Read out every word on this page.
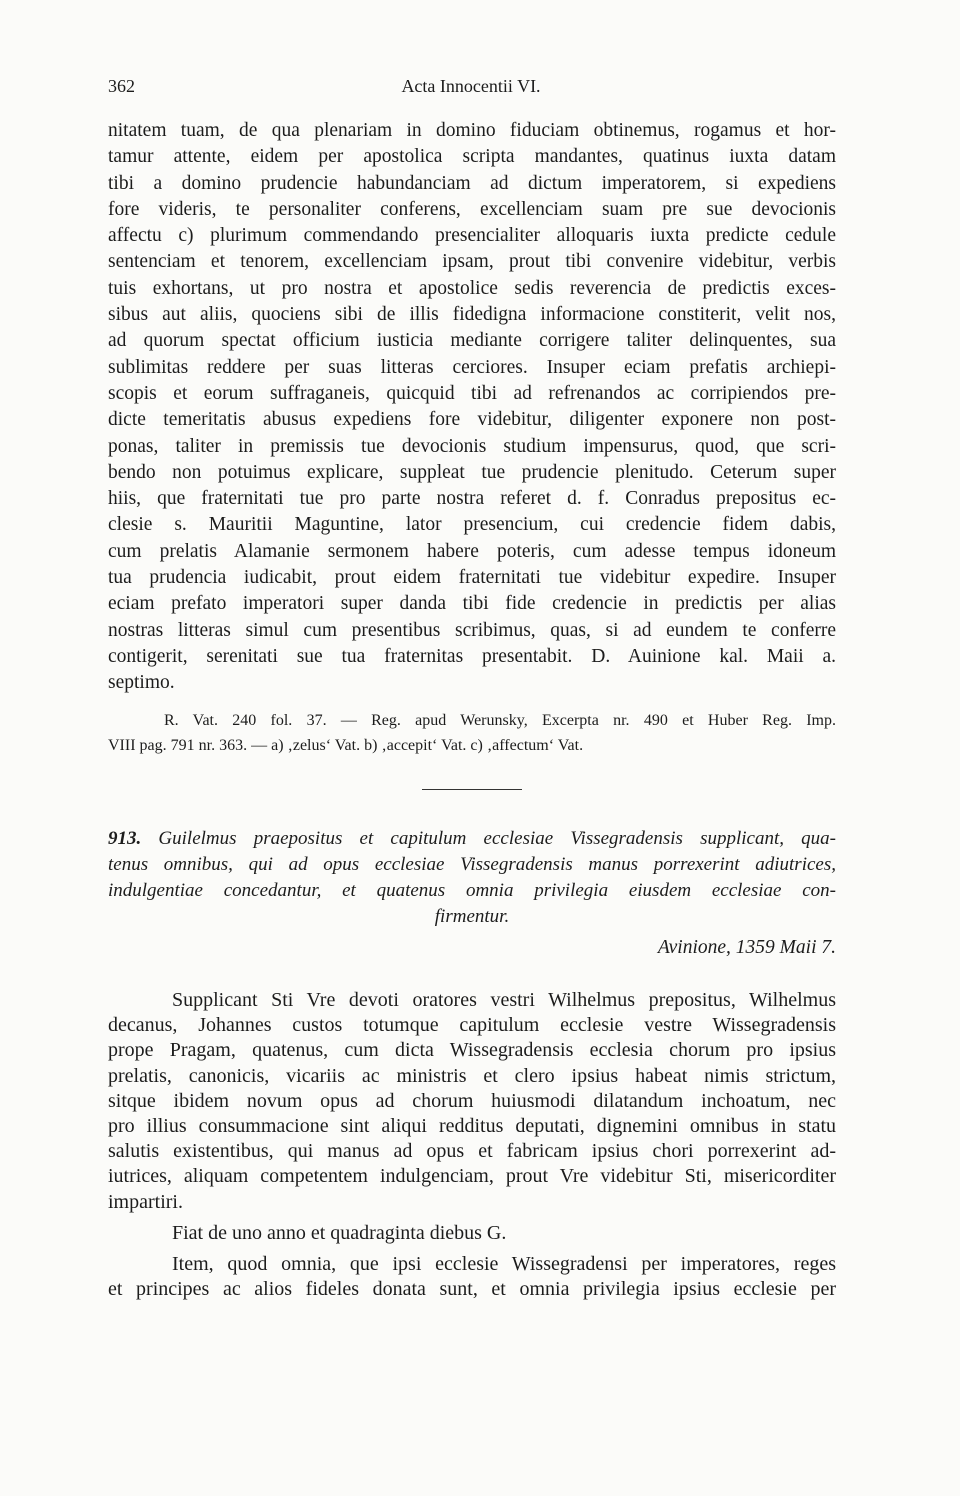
362	Acta Innocentii VI.
nitatem tuam, de qua plenariam in domino fiduciam obtinemus, rogamus et hor-
tamur attente, eidem per apostolica scripta mandantes, quatinus iuxta datam
tibi a domino prudencie habundanciam ad dictum imperatorem, si expediens
fore videris, te personaliter conferens, excellenciam suam pre sue devocionis
affectu c) plurimum commendando presencialiter alloquaris iuxta predicte cedule
sentenciam et tenorem, excellenciam ipsam, prout tibi convenire videbitur, verbis
tuis exhortans, ut pro nostra et apostolice sedis reverencia de predictis exces-
sibus aut aliis, quociens sibi de illis fidedigna informacione constiterit, velit nos,
ad quorum spectat officium iusticia mediante corrigere taliter delinquentes, sua
sublimitas reddere per suas litteras cerciores. Insuper eciam prefatis archiepi-
scopis et eorum suffraganeis, quicquid tibi ad refrenandos ac corripiendos pre-
dicte temeritatis abusus expediens fore videbitur, diligenter exponere non post-
ponas, taliter in premissis tue devocionis studium impensurus, quod, que scri-
bendo non potuimus explicare, suppleat tue prudencie plenitudo. Ceterum super
hiis, que fraternitati tue pro parte nostra referet d. f. Conradus prepositus ec-
clesie s. Mauritii Maguntine, lator presencium, cui credencie fidem dabis,
cum prelatis Alamanie sermonem habere poteris, cum adesse tempus idoneum
tua prudencia iudicabit, prout eidem fraternitati tue videbitur expedire. Insuper
eciam prefato imperatori super danda tibi fide credencie in predictis per alias
nostras litteras simul cum presentibus scribimus, quas, si ad eundem te conferre
contigerit, serenitati sue tua fraternitas presentabit. D. Auinione kal. Maii a.
septimo.
R. Vat. 240 fol. 37. — Reg. apud Werunsky, Excerpta nr. 490 et Huber Reg. Imp.
VIII pag. 791 nr. 363. — a) ‚zelus‘ Vat. b) ‚accepit‘ Vat. c) ‚affectum‘ Vat.
913. Guilelmus praepositus et capitulum ecclesiae Vissegradensis supplicant, qua-
tenus omnibus, qui ad opus ecclesiae Vissegradensis manus porrexerint adiutrices,
indulgentiae concedantur, et quatenus omnia privilegia eiusdem ecclesiae con-
firmentur.
Avinione, 1359 Maii 7.
Supplicant Sti Vre devoti oratores vestri Wilhelmus prepositus, Wilhelmus
decanus, Johannes custos totumque capitulum ecclesie vestre Wissegradensis
prope Pragam, quatenus, cum dicta Wissegradensis ecclesia chorum pro ipsius
prelatis, canonicis, vicariis ac ministris et clero ipsius habeat nimis strictum,
sitque ibidem novum opus ad chorum huiusmodi dilatandum inchoatum, nec
pro illius consummacione sint aliqui redditus deputati, dignemini omnibus in statu
salutis existentibus, qui manus ad opus et fabricam ipsius chori porrexerint ad-
iutrices, aliquam competentem indulgenciam, prout Vre videbitur Sti, misericorditer
impartiri.
Fiat de uno anno et quadraginta diebus G.
Item, quod omnia, que ipsi ecclesie Wissegradensi per imperatores, reges
et principes ac alios fideles donata sunt, et omnia privilegia ipsius ecclesie per
